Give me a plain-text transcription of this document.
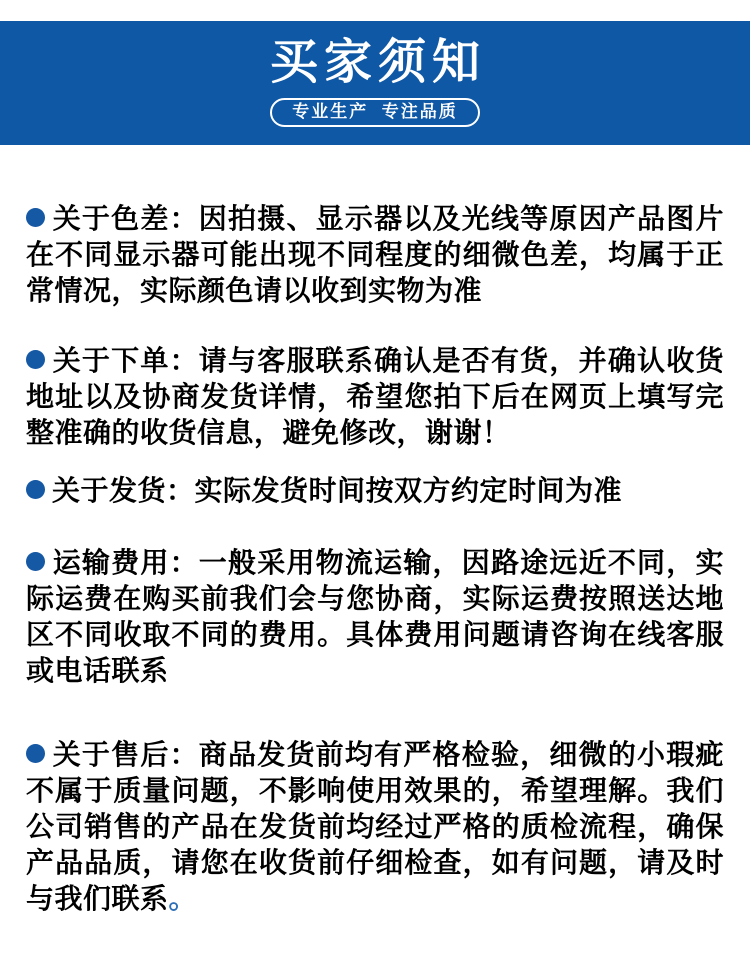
买家须知
专业生产  专注品质

关于色差：因拍摄、显示器以及光线等原因产品图片在不同显示器可能出现不同程度的细微色差，均属于正常情况，实际颜色请以收到实物为准

关于下单：请与客服联系确认是否有货，并确认收货地址以及协商发货详情，希望您拍下后在网页上填写完整准确的收货信息，避免修改，谢谢！

关于发货：实际发货时间按双方约定时间为准

运输费用：一般采用物流运输，因路途远近不同，实际运费在购买前我们会与您协商，实际运费按照送达地区不同收取不同的费用。具体费用问题请咨询在线客服或电话联系

关于售后：商品发货前均有严格检验，细微的小瑕疵不属于质量问题，不影响使用效果的，希望理解。我们公司销售的产品在发货前均经过严格的质检流程，确保产品品质，请您在收货前仔细检查，如有问题，请及时与我们联系。
